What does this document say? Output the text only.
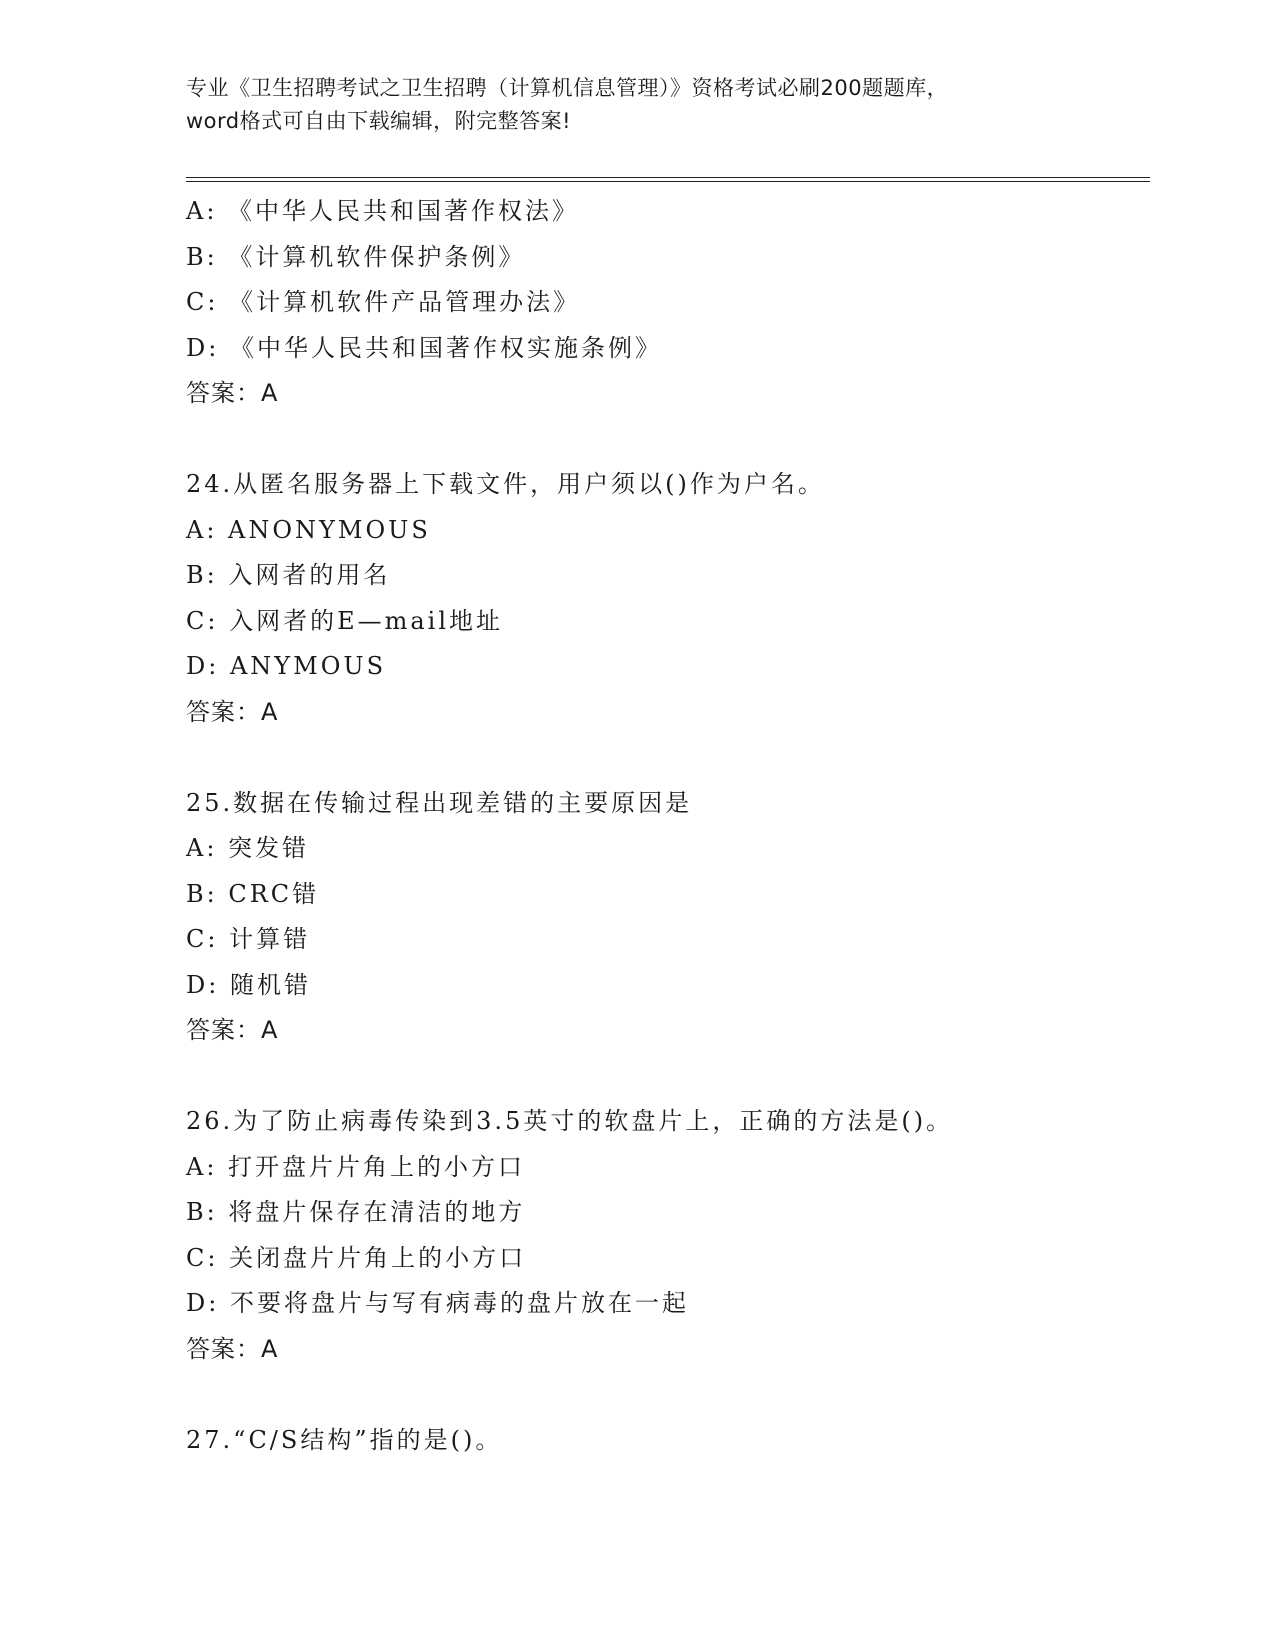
专业《卫生招聘考试之卫生招聘（计算机信息管理）》资格考试必刷200题题库，
word格式可自由下载编辑，附完整答案!
A: 《中华人民共和国著作权法》
B: 《计算机软件保护条例》
C: 《计算机软件产品管理办法》
D: 《中华人民共和国著作权实施条例》
答案：A
24.从匿名服务器上下载文件，用户须以()作为户名。
A: ANONYMOUS
B: 入网者的用名
C: 入网者的E—mail地址
D: ANYMOUS
答案：A
25.数据在传输过程出现差错的主要原因是
A: 突发错
B: CRC错
C: 计算错
D: 随机错
答案：A
26.为了防止病毒传染到3.5英寸的软盘片上，正确的方法是()。
A: 打开盘片片角上的小方口
B: 将盘片保存在清洁的地方
C: 关闭盘片片角上的小方口
D: 不要将盘片与写有病毒的盘片放在一起
答案：A
27.“C/S结构”指的是()。
